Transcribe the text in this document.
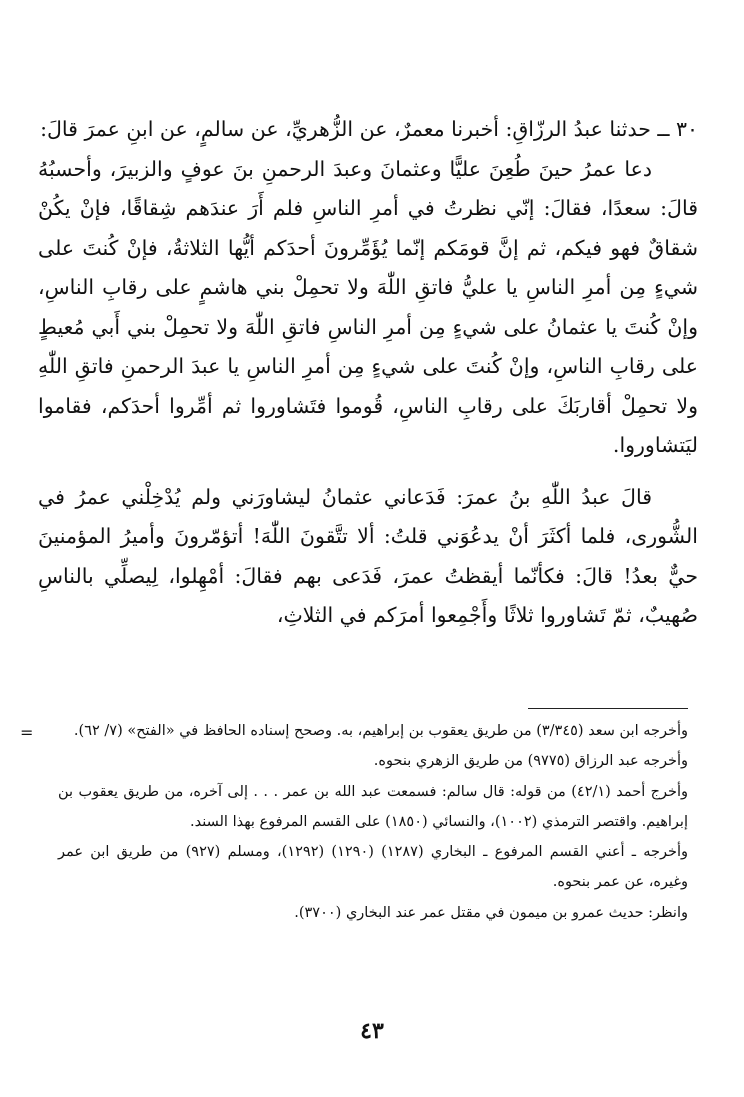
٣٠ ــ حدثنا عبدُ الرزّاقِ: أخبرنا معمرٌ، عن الزُّهريِّ، عن سالمٍ، عن ابنِ عمرَ قالَ:

دعا عمرُ حينَ طُعِنَ عليًّا وعثمانَ وعبدَ الرحمنِ بنَ عوفٍ والزبيرَ، وأحسبُهُ قالَ: سعدًا، فقالَ: إنّي نظرتُ في أمرِ الناسِ فلم أَرَ عندَهم شِقاقًا، فإنْ يكُنْ شقاقٌ فهو فيكم، ثم إنَّ قومَكم إنّما يُؤَمِّرونَ أحدَكم أيُّها الثلاثةُ، فإنْ كُنتَ على شيءٍ مِن أمرِ الناسِ يا عليُّ فاتقِ اللّٰهَ ولا تحمِلْ بني هاشمٍ على رقابِ الناسِ، وإنْ كُنتَ يا عثمانُ على شيءٍ مِن أمرِ الناسِ فاتقِ اللّٰهَ ولا تحمِلْ بني أَبي مُعيطٍ على رقابِ الناسِ، وإنْ كُنتَ على شيءٍ مِن أمرِ الناسِ يا عبدَ الرحمنِ فاتقِ اللّٰهِ ولا تحمِلْ أقاربَكَ على رقابِ الناسِ، قُوموا فتَشاوروا ثم أمِّروا أحدَكم، فقاموا ليَتشاوروا.

قالَ عبدُ اللّٰهِ بنُ عمرَ: فَدَعاني عثمانُ ليشاورَني ولم يُدْخِلْني عمرُ في الشُّورى، فلما أكثَرَ أنْ يدعُوَني قلتُ: ألا تتَّقونَ اللّٰهَ! أتؤمّرونَ وأميرُ المؤمنينَ حيٌّ بعدُ! قالَ: فكأنّما أيقظتُ عمرَ، فَدَعى بهم فقالَ: أمْهِلوا، لِيصلِّي بالناسِ صُهيبٌ، ثمّ تَشاوروا ثلاثًا وأَجْمِعوا أمرَكم في الثلاثِ،

=	وأخرجه ابن سعد (٣/٣٤٥) من طريق يعقوب بن إبراهيم، به. وصحح إسناده الحافظ في «الفتح» (٧/ ٦٢).

وأخرجه عبد الرزاق (٩٧٧٥) من طريق الزهري بنحوه.

وأخرج أحمد (٤٢/١) من قوله: قال سالم: فسمعت عبد الله بن عمر . . . إلى آخره، من طريق يعقوب بن إبراهيم. واقتصر الترمذي (١٠٠٢)، والنسائي (١٨٥٠) على القسم المرفوع بهذا السند.

وأخرجه ـ أعني القسم المرفوع ـ البخاري (١٢٨٧) (١٢٩٠) (١٢٩٢)، ومسلم (٩٢٧) من طريق ابن عمر وغيره، عن عمر بنحوه.

وانظر: حديث عمرو بن ميمون في مقتل عمر عند البخاري (٣٧٠٠).

٤٣
